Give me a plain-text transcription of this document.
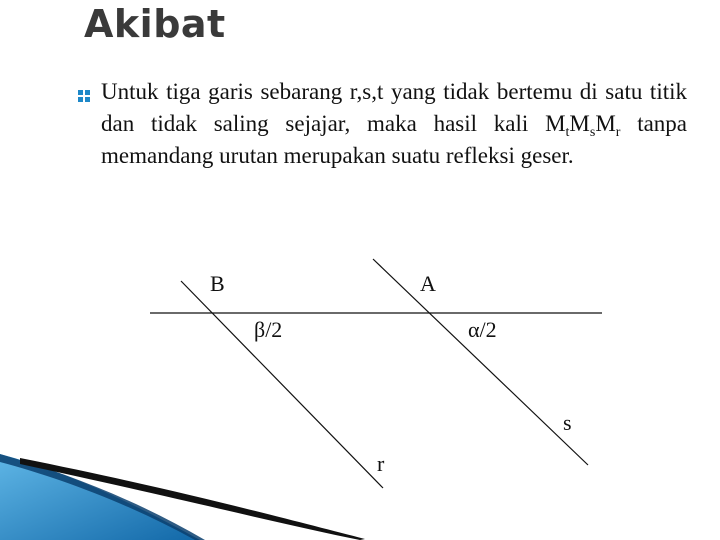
Akibat
Untuk tiga garis sebarang r,s,t yang tidak bertemu di satu titik dan tidak saling sejajar, maka hasil kali $M_tM_sM_r$ tanpa memandang urutan merupakan suatu refleksi geser.
B	A
β/2	α/2
s
r
